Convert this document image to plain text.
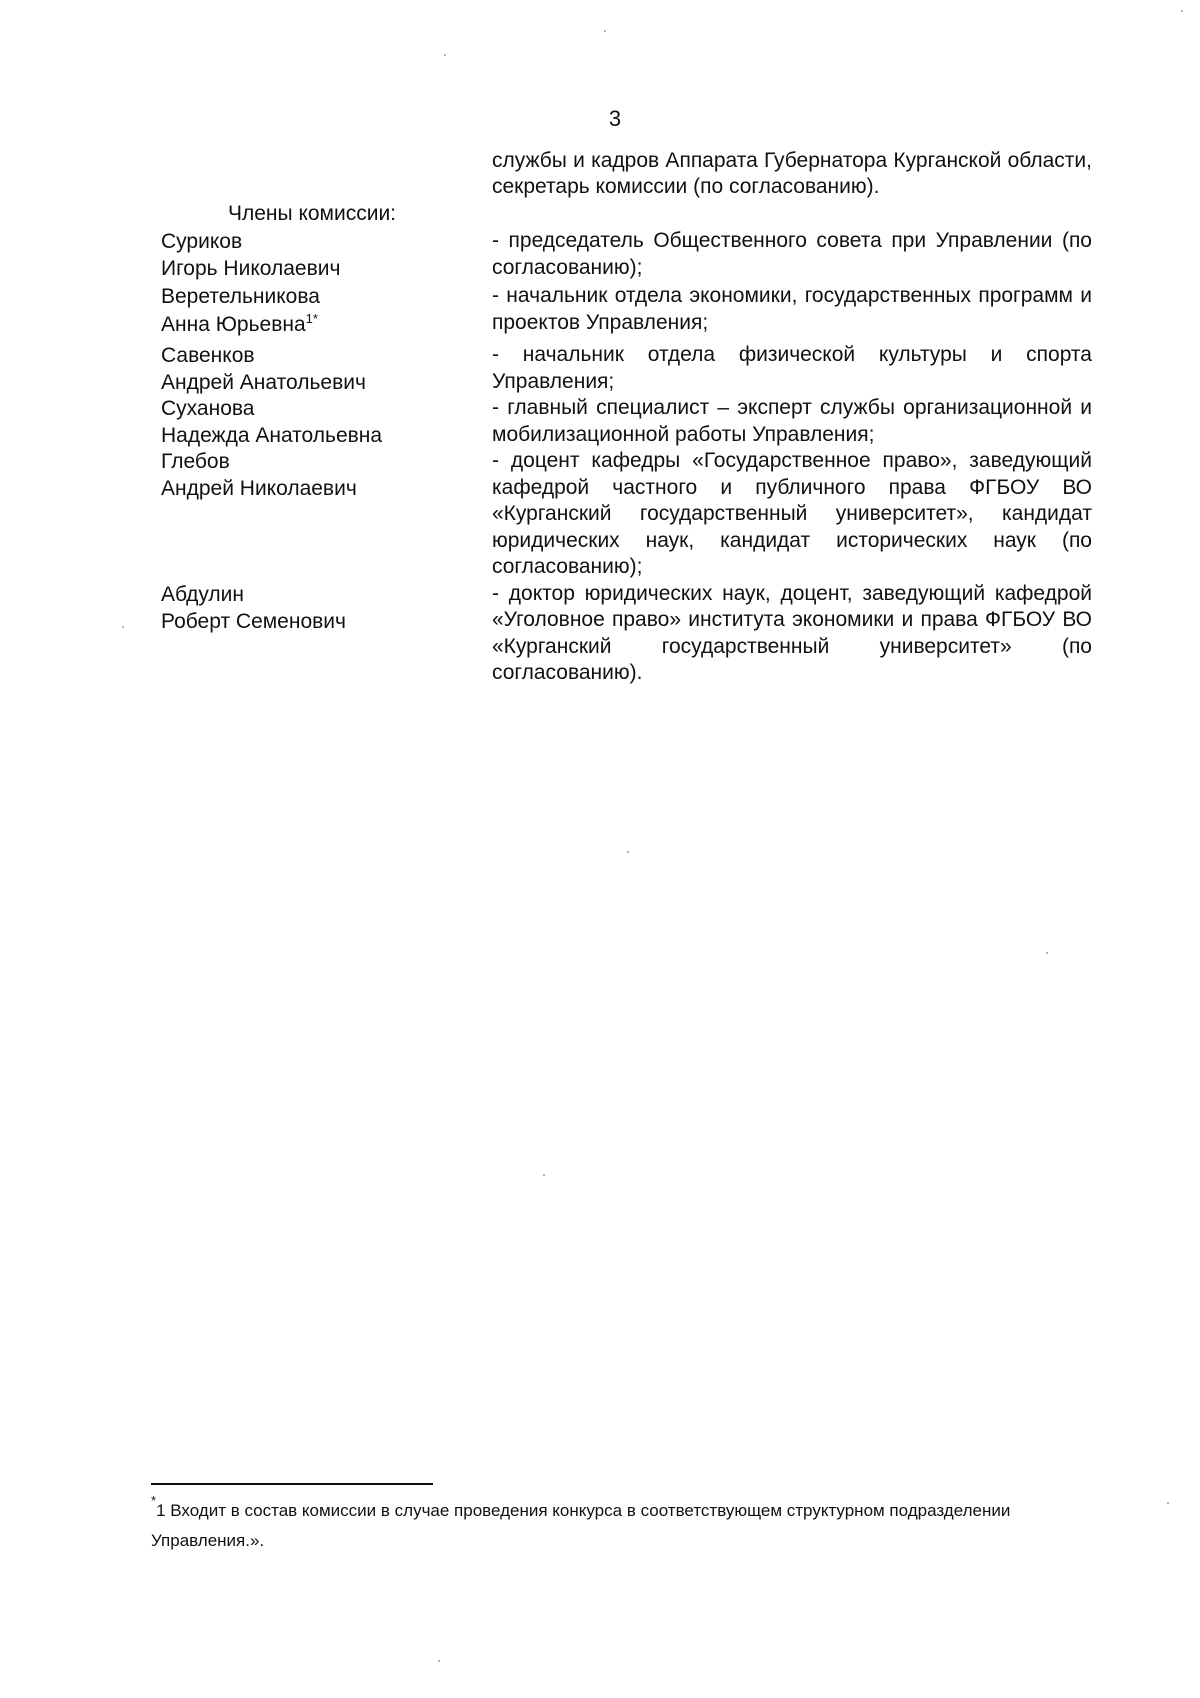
3
службы и кадров Аппарата Губернатора Курганской области, секретарь комиссии (по согласованию).
Члены комиссии:
Суриков
Игорь Николаевич
- председатель Общественного совета при Управлении (по согласованию);
Веретельникова
Анна Юрьевна$^{1*}$
- начальник отдела экономики, государственных программ и проектов Управления;
Савенков
Андрей Анатольевич
- начальник отдела физической культуры и спорта Управления;
Суханова
Надежда Анатольевна
- главный специалист – эксперт службы организационной и мобилизационной работы Управления;
Глебов
Андрей Николаевич
- доцент кафедры «Государственное право», заведующий кафедрой частного и публичного права ФГБОУ ВО «Курганский государственный университет», кандидат юридических наук, кандидат исторических наук (по согласованию);
Абдулин
Роберт Семенович
- доктор юридических наук, доцент, заведующий кафедрой «Уголовное право» института экономики и права ФГБОУ ВО «Курганский государственный университет» (по согласованию).
*1 Входит в состав комиссии в случае проведения конкурса в соответствующем структурном подразделении Управления.».
